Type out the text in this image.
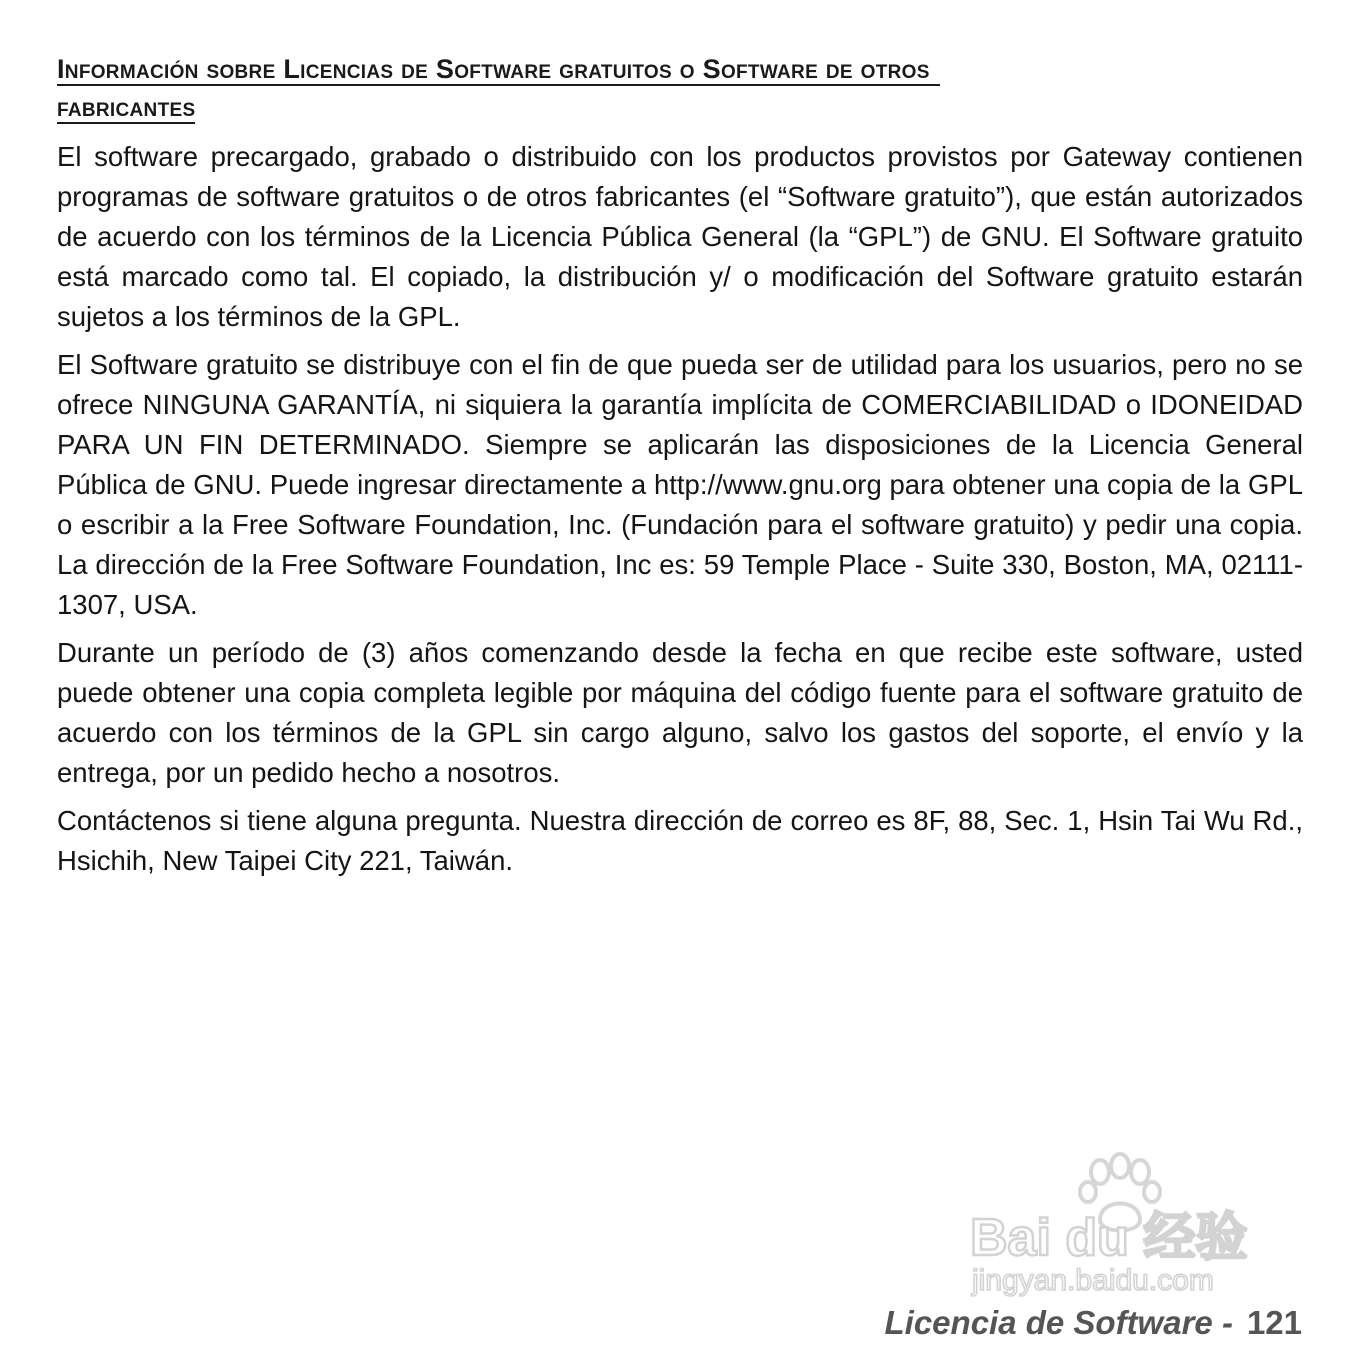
Información sobre Licencias de Software gratuitos o Software de otros
fabricantes

El software precargado, grabado o distribuido con los productos provistos por Gateway contienen programas de software gratuitos o de otros fabricantes (el “Software gratuito”), que están autorizados de acuerdo con los términos de la Licencia Pública General (la “GPL”) de GNU. El Software gratuito está marcado como tal. El copiado, la distribución y/ o modificación del Software gratuito estarán sujetos a los términos de la GPL.

El Software gratuito se distribuye con el fin de que pueda ser de utilidad para los usuarios, pero no se ofrece NINGUNA GARANTÍA, ni siquiera la garantía implícita de COMERCIABILIDAD o IDONEIDAD PARA UN FIN DETERMINADO. Siempre se aplicarán las disposiciones de la Licencia General Pública de GNU. Puede ingresar directamente a http://www.gnu.org para obtener una copia de la GPL o escribir a la Free Software Foundation, Inc. (Fundación para el software gratuito) y pedir una copia. La dirección de la Free Software Foundation, Inc es: 59 Temple Place - Suite 330, Boston, MA, 02111-1307, USA.

Durante un período de (3) años comenzando desde la fecha en que recibe este software, usted puede obtener una copia completa legible por máquina del código fuente para el software gratuito de acuerdo con los términos de la GPL sin cargo alguno, salvo los gastos del soporte, el envío y la entrega, por un pedido hecho a nosotros.

Contáctenos si tiene alguna pregunta. Nuestra dirección de correo es 8F, 88, Sec. 1, Hsin Tai Wu Rd., Hsichih, New Taipei City 221, Taiwán.

Bai du 经验
jingyan.baidu.com
Licencia de Software - 121
